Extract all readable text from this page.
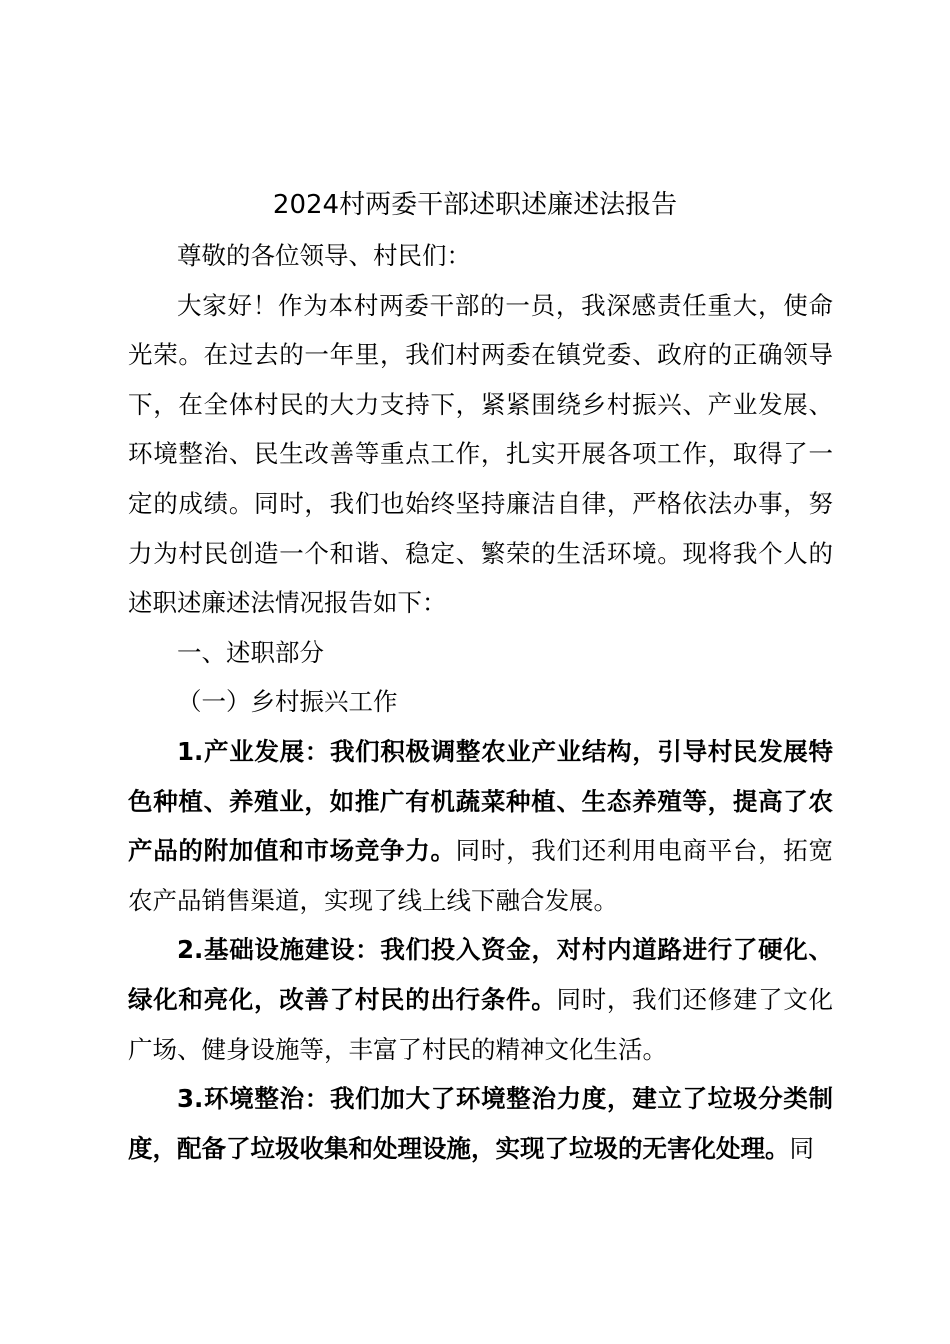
2024村两委干部述职述廉述法报告

尊敬的各位领导、村民们：

大家好！作为本村两委干部的一员，我深感责任重大，使命光荣。在过去的一年里，我们村两委在镇党委、政府的正确领导下，在全体村民的大力支持下，紧紧围绕乡村振兴、产业发展、环境整治、民生改善等重点工作，扎实开展各项工作，取得了一定的成绩。同时，我们也始终坚持廉洁自律，严格依法办事，努力为村民创造一个和谐、稳定、繁荣的生活环境。现将我个人的述职述廉述法情况报告如下：

一、述职部分

（一）乡村振兴工作

1.产业发展：我们积极调整农业产业结构，引导村民发展特色种植、养殖业，如推广有机蔬菜种植、生态养殖等，提高了农产品的附加值和市场竞争力。同时，我们还利用电商平台，拓宽农产品销售渠道，实现了线上线下融合发展。

2.基础设施建设：我们投入资金，对村内道路进行了硬化、绿化和亮化，改善了村民的出行条件。同时，我们还修建了文化广场、健身设施等，丰富了村民的精神文化生活。

3.环境整治：我们加大了环境整治力度，建立了垃圾分类制度，配备了垃圾收集和处理设施，实现了垃圾的无害化处理。同
